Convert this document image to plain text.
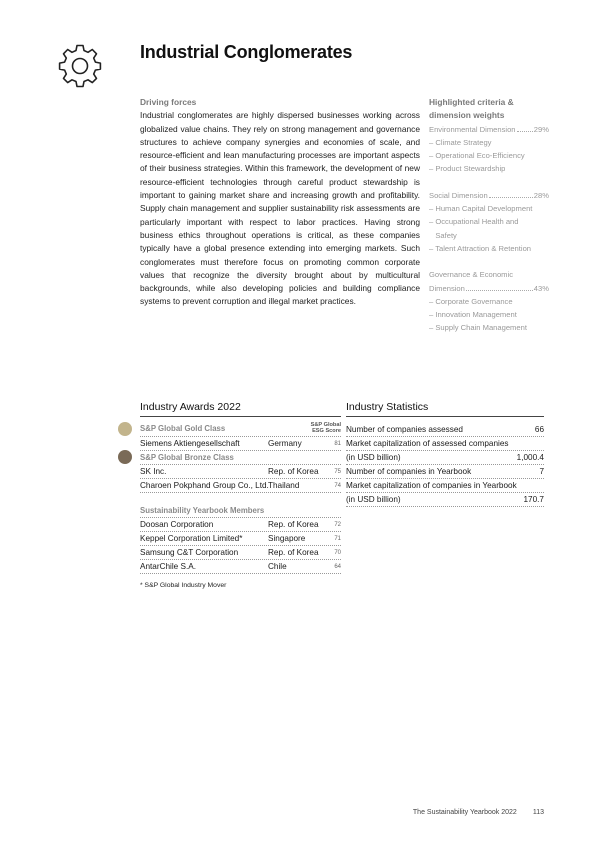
Industrial Conglomerates
Driving forces
Industrial conglomerates are highly dispersed businesses working across globalized value chains. They rely on strong management and governance structures to achieve company synergies and economies of scale, and resource-efficient and lean manufacturing processes are important aspects of their business strategies. Within this framework, the development of new resource-efficient technologies through careful product stewardship is important to gaining market share and increasing growth and profitability. Supply chain management and supplier sustainability risk assessments are particularly important with respect to labor practices. Having strong business ethics throughout operations is critical, as these companies typically have a global presence extending into emerging markets. Such conglomerates must therefore focus on promoting common corporate values that recognize the diversity brought about by multicultural backgrounds, while also developing policies and building compliance systems to prevent corruption and illegal market practices.
Highlighted criteria &
dimension weights
Environmental Dimension 29%
– Climate Strategy
– Operational Eco-Efficiency
– Product Stewardship
Social Dimension	28%
– Human Capital Development
– Occupational Health and
Safety
– Talent Attraction & Retention
Governance & Economic
Dimension	43%
– Corporate Governance
– Innovation Management
– Supply Chain Management
Industry Awards 2022	Industry Statistics
S&P Global Gold Class	S&P Global
ESG Score
Siemens Aktiengesellschaft	Germany	81
S&P Global Bronze Class
SK Inc.	Rep. of Korea	75
Charoen Pokphand Group Co., Ltd. Thailand	74
Sustainability Yearbook Members
Doosan Corporation	Rep. of Korea	72
Keppel Corporation Limited*	Singapore	71
Samsung C&T Corporation	Rep. of Korea	70
AntarChile S.A.	Chile	64
Number of companies assessed	66
Market capitalization of assessed companies
(in USD billion)	1,000.4
Number of companies in Yearbook	7
Market capitalization of companies in Yearbook
(in USD billion)	170.7
* S&P Global Industry Mover
The Sustainability Yearbook 2022 113
